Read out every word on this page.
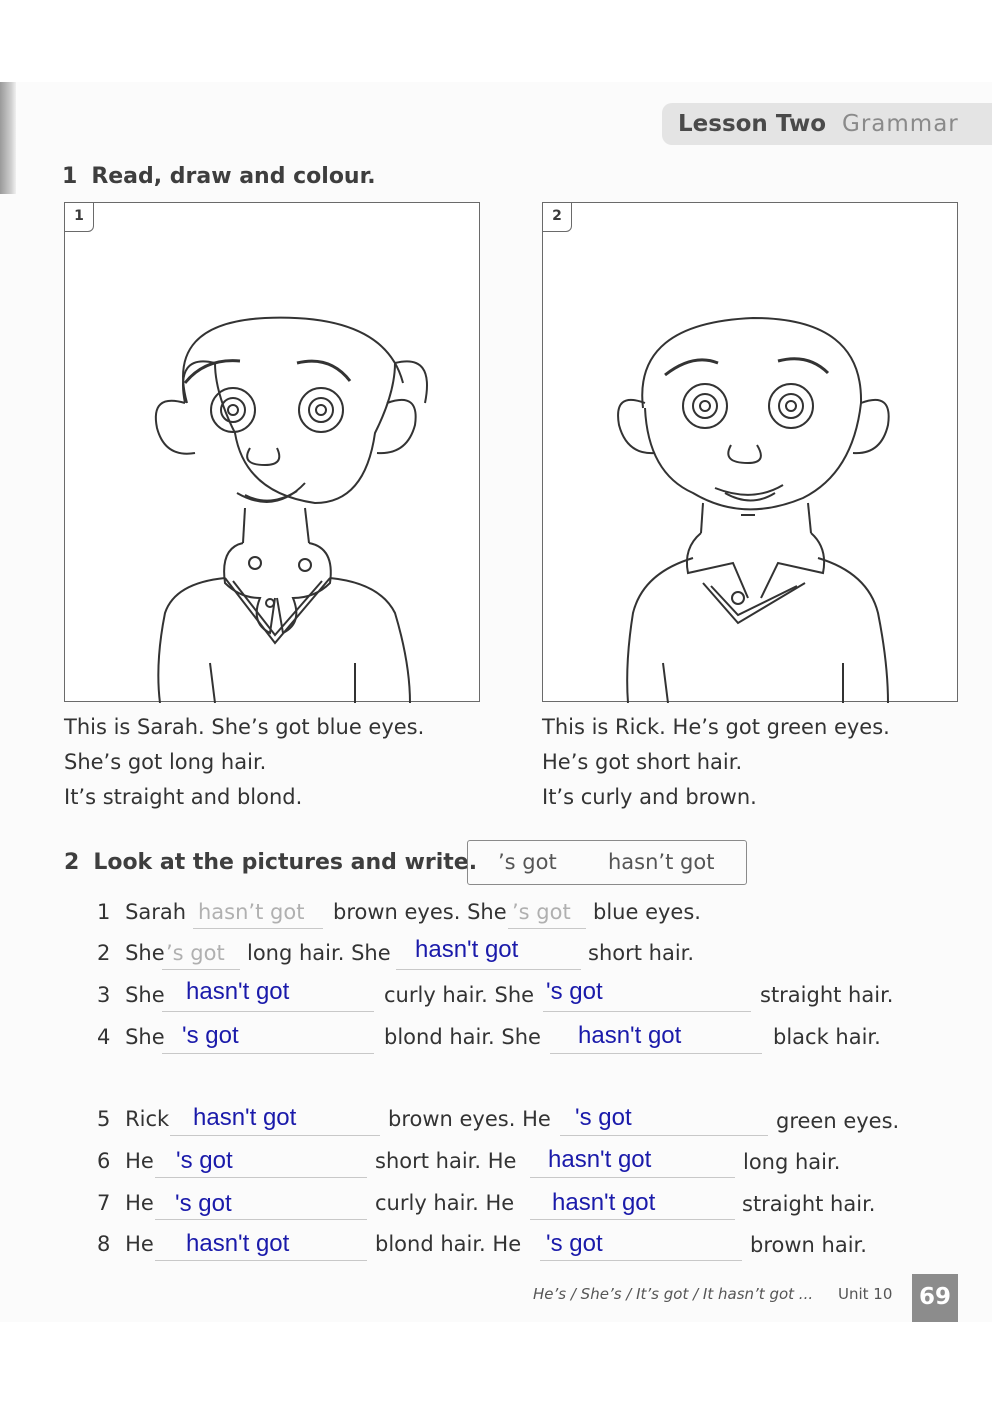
Lesson Two Grammar
1 Read, draw and colour.
1	2
This is Sarah. She’s got blue eyes.
She’s got long hair.
It’s straight and blond.
This is Rick. He’s got green eyes.
He’s got short hair.
It’s curly and brown.
2 Look at the pictures and write. ’s got hasn’t got
1 Sarah hasn’t got brown eyes. She ’s got blue eyes.
2 She ’s got long hair. She hasn't got	short hair.
3 She hasn't got	curly hair. She 's got	straight hair.
4 She 's got	blond hair. She hasn't got	black hair.
5 Rick hasn't got	brown eyes. He 's got	green eyes.
6 He 's got	short hair. He hasn't got	long hair.
7 He 's got	curly hair. He hasn't got	straight hair.
8 He hasn't got	blond hair. He 's got	brown hair.
He’s / She’s / It’s got / It hasn’t got ... Unit 10	69
